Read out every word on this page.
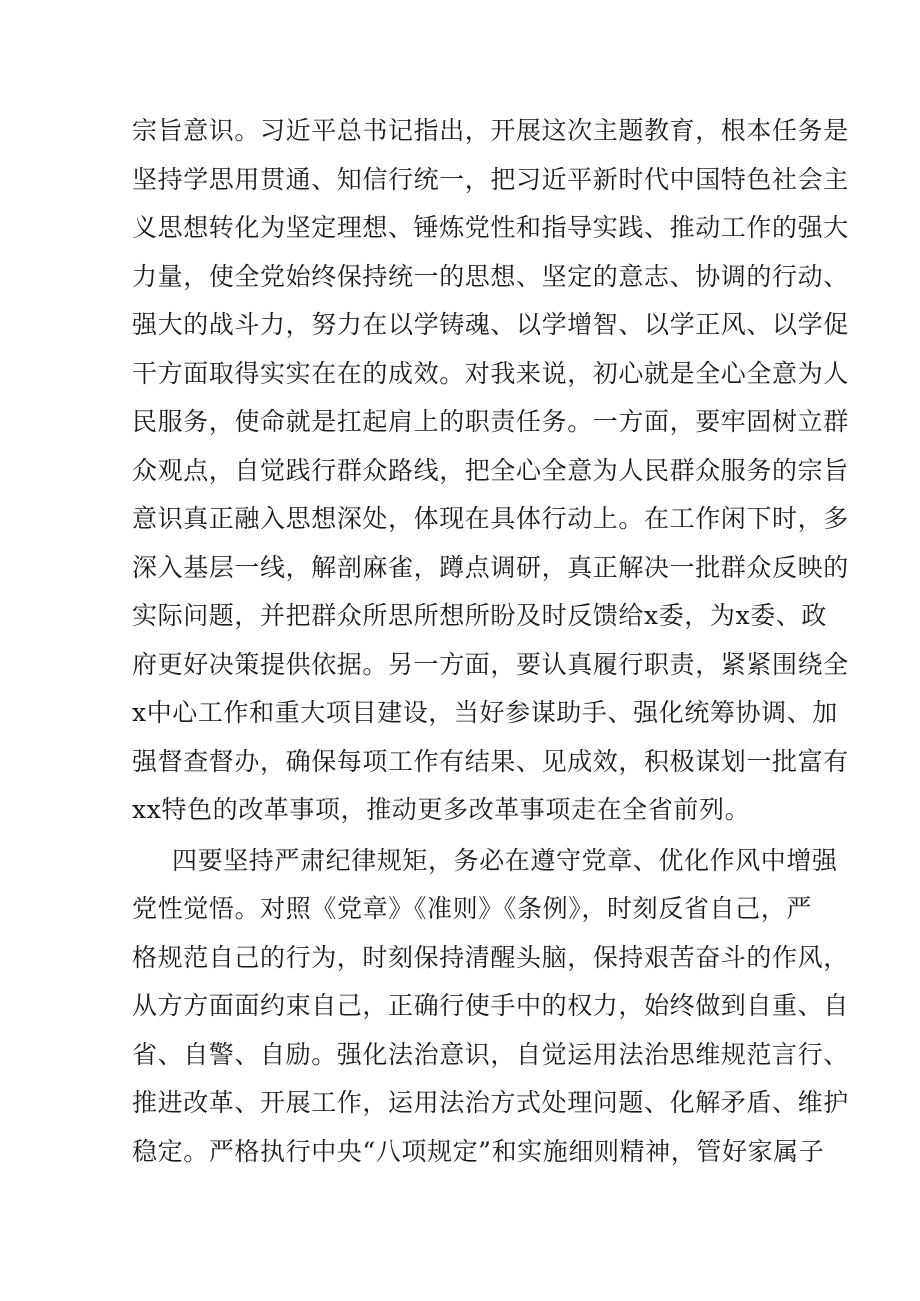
宗旨意识。习近平总书记指出，开展这次主题教育，根本任务是
坚持学思用贯通、知信行统一，把习近平新时代中国特色社会主
义思想转化为坚定理想、锤炼党性和指导实践、推动工作的强大
力量，使全党始终保持统一的思想、坚定的意志、协调的行动、
强大的战斗力，努力在以学铸魂、以学增智、以学正风、以学促
干方面取得实实在在的成效。对我来说，初心就是全心全意为人
民服务，使命就是扛起肩上的职责任务。一方面，要牢固树立群
众观点，自觉践行群众路线，把全心全意为人民群众服务的宗旨
意识真正融入思想深处，体现在具体行动上。在工作闲下时，多
深入基层一线，解剖麻雀，蹲点调研，真正解决一批群众反映的
实际问题，并把群众所思所想所盼及时反馈给x委，为x委、政
府更好决策提供依据。另一方面，要认真履行职责，紧紧围绕全
x中心工作和重大项目建设，当好参谋助手、强化统筹协调、加
强督查督办，确保每项工作有结果、见成效，积极谋划一批富有
xx特色的改革事项，推动更多改革事项走在全省前列。
四要坚持严肃纪律规矩，务必在遵守党章、优化作风中增强
党性觉悟。对照《党章》《准则》《条例》，时刻反省自己，严
格规范自己的行为，时刻保持清醒头脑，保持艰苦奋斗的作风，
从方方面面约束自己，正确行使手中的权力，始终做到自重、自
省、自警、自励。强化法治意识，自觉运用法治思维规范言行、
推进改革、开展工作，运用法治方式处理问题、化解矛盾、维护
稳定。严格执行中央“八项规定”和实施细则精神，管好家属子
